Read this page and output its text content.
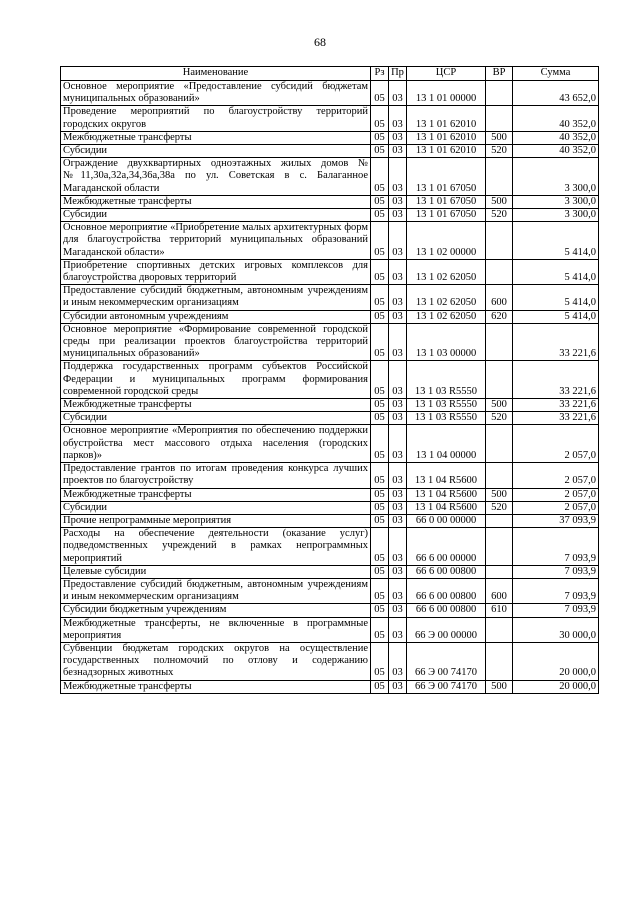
68
Наименование	Рз	Пр	ЦСР	ВР	Сумма
Основное мероприятие «Предоставление субсидий бюджетам муниципальных образований»	05	03	13 1 01 00000		43 652,0
Проведение мероприятий по благоустройству территорий городских округов	05	03	13 1 01 62010		40 352,0
Межбюджетные трансферты	05	03	13 1 01 62010	500	40 352,0
Субсидии	05	03	13 1 01 62010	520	40 352,0
Ограждение двухквартирных одноэтажных жилых домов №№11,30а,32а,34,36а,38а по ул. Советская в с. Балаганное Магаданской области	05	03	13 1 01 67050		3 300,0
Межбюджетные трансферты	05	03	13 1 01 67050	500	3 300,0
Субсидии	05	03	13 1 01 67050	520	3 300,0
Основное мероприятие «Приобретение малых архитектурных форм для благоустройства территорий муниципальных образований Магаданской области»	05	03	13 1 02 00000		5 414,0
Приобретение спортивных детских игровых комплексов для благоустройства дворовых территорий	05	03	13 1 02 62050		5 414,0
Предоставление субсидий бюджетным, автономным учреждениям и иным некоммерческим организациям	05	03	13 1 02 62050	600	5 414,0
Субсидии автономным учреждениям	05	03	13 1 02 62050	620	5 414,0
Основное мероприятие «Формирование современной городской среды при реализации проектов благоустройства территорий муниципальных образований»	05	03	13 1 03 00000		33 221,6
Поддержка государственных программ субъектов Российской Федерации и муниципальных программ формирования современной городской среды	05	03	13 1 03 R5550		33 221,6
Межбюджетные трансферты	05	03	13 1 03 R5550	500	33 221,6
Субсидии	05	03	13 1 03 R5550	520	33 221,6
Основное мероприятие «Мероприятия по обеспечению поддержки обустройства мест массового отдыха населения (городских парков)»	05	03	13 1 04 00000		2 057,0
Предоставление грантов по итогам проведения конкурса лучших проектов по благоустройству	05	03	13 1 04 R5600		2 057,0
Межбюджетные трансферты	05	03	13 1 04 R5600	500	2 057,0
Субсидии	05	03	13 1 04 R5600	520	2 057,0
Прочие непрограммные мероприятия	05	03	66 0 00 00000		37 093,9
Расходы на обеспечение деятельности (оказание услуг) подведомственных учреждений в рамках непрограммных мероприятий	05	03	66 6 00 00000		7 093,9
Целевые субсидии	05	03	66 6 00 00800		7 093,9
Предоставление субсидий бюджетным, автономным учреждениям и иным некоммерческим организациям	05	03	66 6 00 00800	600	7 093,9
Субсидии бюджетным учреждениям	05	03	66 6 00 00800	610	7 093,9
Межбюджетные трансферты, не включенные в программные мероприятия	05	03	66 Э 00 00000		30 000,0
Субвенции бюджетам городских округов на осуществление государственных полномочий по отлову и содержанию безнадзорных животных	05	03	66 Э 00 74170		20 000,0
Межбюджетные трансферты	05	03	66 Э 00 74170	500	20 000,0
